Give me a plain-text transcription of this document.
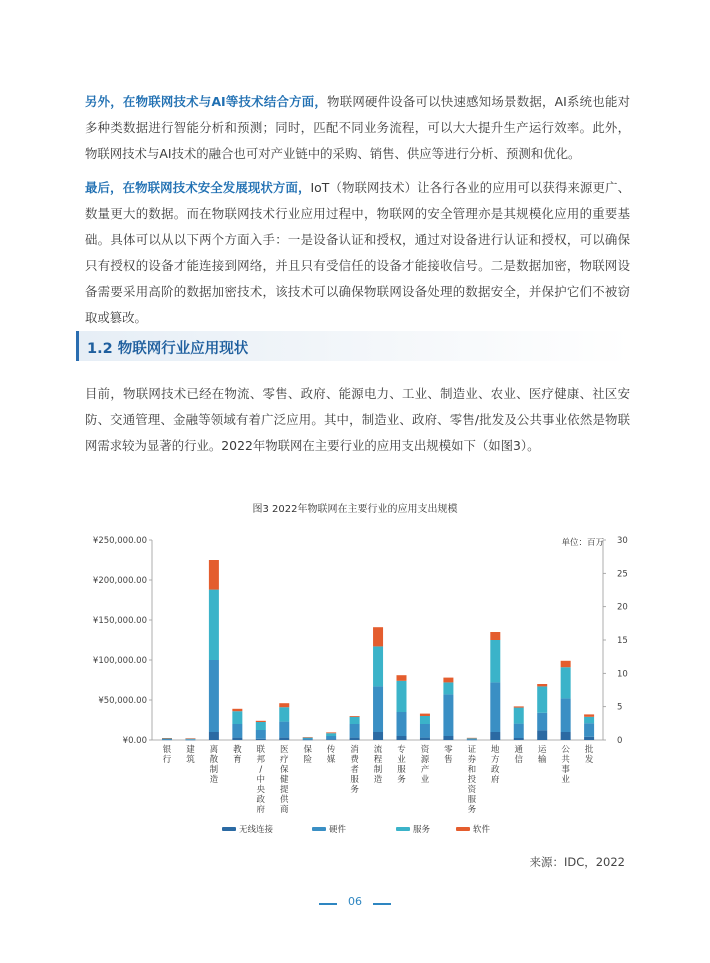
另外，在物联网技术与AI等技术结合方面，物联网硬件设备可以快速感知场景数据，AI系统也能对多种类数据进行智能分析和预测；同时，匹配不同业务流程，可以大大提升生产运行效率。此外，物联网技术与AI技术的融合也可对产业链中的采购、销售、供应等进行分析、预测和优化。

最后，在物联网技术安全发展现状方面，IoT（物联网技术）让各行各业的应用可以获得来源更广、数量更大的数据。而在物联网技术行业应用过程中，物联网的安全管理亦是其规模化应用的重要基础。具体可以从以下两个方面入手：一是设备认证和授权，通过对设备进行认证和授权，可以确保只有授权的设备才能连接到网络，并且只有受信任的设备才能接收信号。二是数据加密，物联网设备需要采用高阶的数据加密技术，该技术可以确保物联网设备处理的数据安全，并保护它们不被窃取或篡改。

1.2 物联网行业应用现状

目前，物联网技术已经在物流、零售、政府、能源电力、工业、制造业、农业、医疗健康、社区安防、交通管理、金融等领域有着广泛应用。其中，制造业、政府、零售/批发及公共事业依然是物联网需求较为显著的行业。2022年物联网在主要行业的应用支出规模如下（如图3）。

图3 2022年物联网在主要行业的应用支出规模
单位：百万
¥250,000.00
¥200,000.00
¥150,000.00
¥100,000.00
¥50,000.00
¥0.00
30
25
20
15
10
5
0
银
行
建
筑
离
散
制
造
教
育
联
邦
/
中
央
政
府
医
疗
保
健
提
供
商
保
险
传
媒
消
费
者
服
务
流
程
制
造
专
业
服
务
资
源
产
业
零
售
证
券
和
投
资
服
务
地
方
政
府
通
信
运
输
公
共
事
业
批
发
无线连接	硬件	服务	软件
来源：IDC，2022
06
